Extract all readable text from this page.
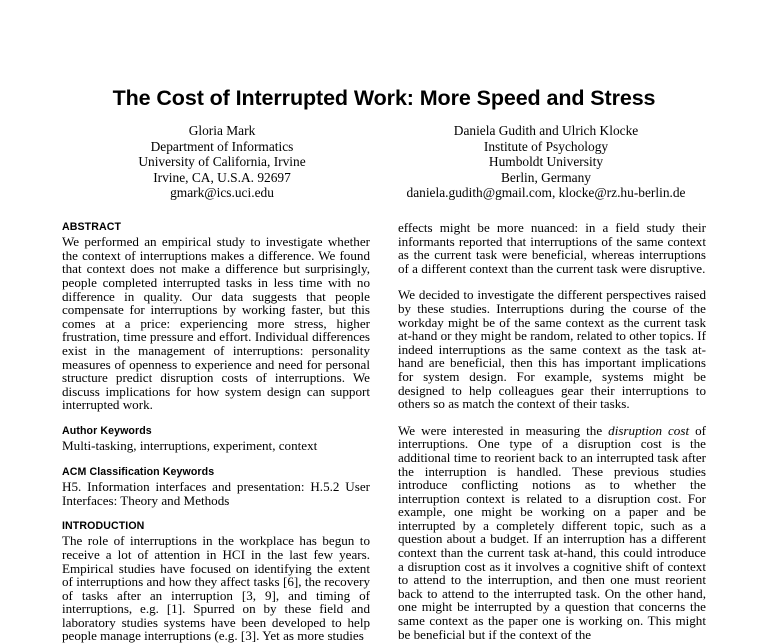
The Cost of Interrupted Work: More Speed and Stress
Gloria Mark
Department of Informatics
University of California, Irvine
Irvine, CA, U.S.A. 92697
gmark@ics.uci.edu
Daniela Gudith and Ulrich Klocke
Institute of Psychology
Humboldt University
Berlin, Germany
daniela.gudith@gmail.com, klocke@rz.hu-berlin.de
ABSTRACT

We performed an empirical study to investigate whether the context of interruptions makes a difference. We found that context does not make a difference but surprisingly, people completed interrupted tasks in less time with no difference in quality. Our data suggests that people compensate for interruptions by working faster, but this comes at a price: experiencing more stress, higher frustration, time pressure and effort. Individual differences exist in the management of interruptions: personality measures of openness to experience and need for personal structure predict disruption costs of interruptions. We discuss implications for how system design can support interrupted work.

Author Keywords

Multi-tasking, interruptions, experiment, context

ACM Classification Keywords

H5. Information interfaces and presentation: H.5.2 User Interfaces: Theory and Methods

INTRODUCTION

The role of interruptions in the workplace has begun to receive a lot of attention in HCI in the last few years. Empirical studies have focused on identifying the extent of interruptions and how they affect tasks [6], the recovery of tasks after an interruption [3, 9], and timing of interruptions, e.g. [1]. Spurred on by these field and laboratory studies systems have been developed to help people manage interruptions (e.g. [3]. Yet as more studies

effects might be more nuanced: in a field study their informants reported that interruptions of the same context as the current task were beneficial, whereas interruptions of a different context than the current task were disruptive.

We decided to investigate the different perspectives raised by these studies. Interruptions during the course of the workday might be of the same context as the current task at-hand or they might be random, related to other topics. If indeed interruptions as the same context as the task at-hand are beneficial, then this has important implications for system design. For example, systems might be designed to help colleagues gear their interruptions to others so as match the context of their tasks.

We were interested in measuring the disruption cost of interruptions. One type of a disruption cost is the additional time to reorient back to an interrupted task after the interruption is handled. These previous studies introduce conflicting notions as to whether the interruption context is related to a disruption cost. For example, one might be working on a paper and be interrupted by a completely different topic, such as a question about a budget. If an interruption has a different context than the current task at-hand, this could introduce a disruption cost as it involves a cognitive shift of context to attend to the interruption, and then one must reorient back to attend to the interrupted task. On the other hand, one might be interrupted by a question that concerns the same context as the paper one is working on. This might be beneficial but if the context of the
